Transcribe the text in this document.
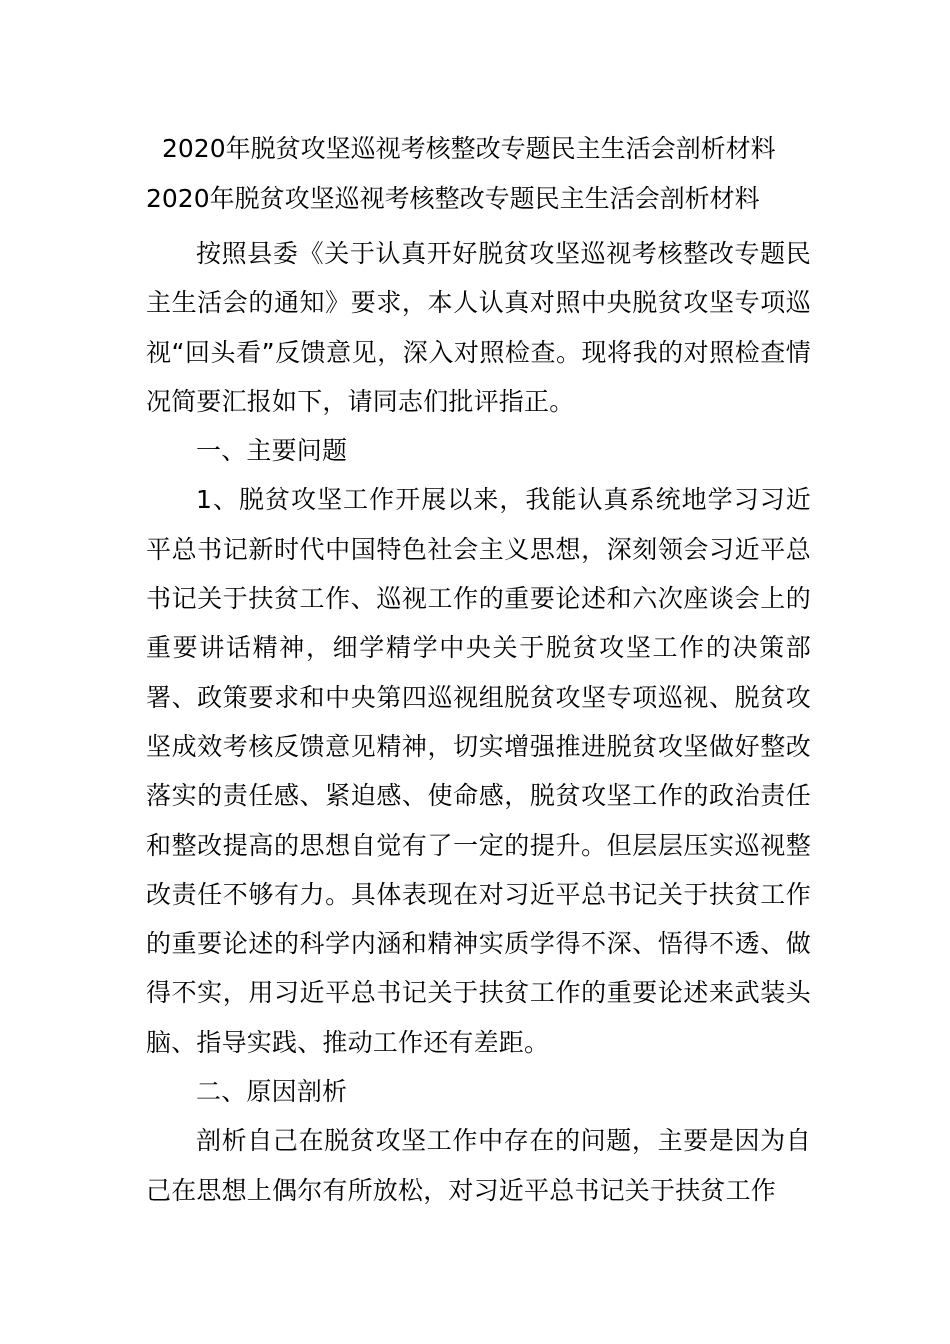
2020年脱贫攻坚巡视考核整改专题民主生活会剖析材料
2020年脱贫攻坚巡视考核整改专题民主生活会剖析材料

按照县委《关于认真开好脱贫攻坚巡视考核整改专题民主生活会的通知》要求，本人认真对照中央脱贫攻坚专项巡视“回头看”反馈意见，深入对照检查。现将我的对照检查情况简要汇报如下，请同志们批评指正。

一、主要问题

1、脱贫攻坚工作开展以来，我能认真系统地学习习近平总书记新时代中国特色社会主义思想，深刻领会习近平总书记关于扶贫工作、巡视工作的重要论述和六次座谈会上的重要讲话精神，细学精学中央关于脱贫攻坚工作的决策部署、政策要求和中央第四巡视组脱贫攻坚专项巡视、脱贫攻坚成效考核反馈意见精神，切实增强推进脱贫攻坚做好整改落实的责任感、紧迫感、使命感，脱贫攻坚工作的政治责任和整改提高的思想自觉有了一定的提升。但层层压实巡视整改责任不够有力。具体表现在对习近平总书记关于扶贫工作的重要论述的科学内涵和精神实质学得不深、悟得不透、做得不实，用习近平总书记关于扶贫工作的重要论述来武装头脑、指导实践、推动工作还有差距。

二、原因剖析

剖析自己在脱贫攻坚工作中存在的问题，主要是因为自己在思想上偶尔有所放松，对习近平总书记关于扶贫工作
